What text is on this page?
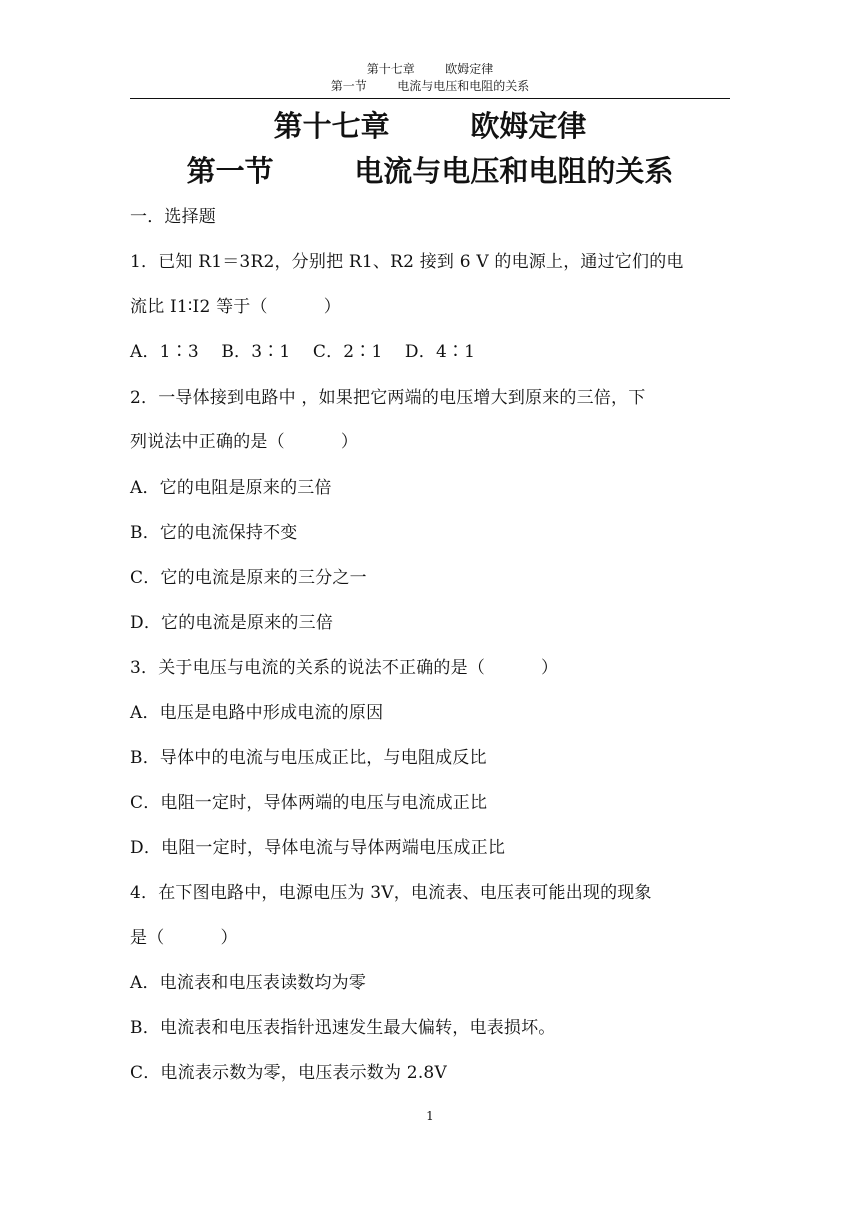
第十七章        欧姆定律
第一节        电流与电压和电阻的关系
第十七章        欧姆定律
第一节        电流与电压和电阻的关系
一．选择题
1．已知 R1＝3R2，分别把 R1、R2 接到 6 V 的电源上，通过它们的电
流比 I1∶I2 等于（          ）
A．1∶3    B．3∶1    C．2∶1    D．4∶1
2．一导体接到电路中 ，如果把它两端的电压增大到原来的三倍，下
列说法中正确的是（          ）
A．它的电阻是原来的三倍
B．它的电流保持不变
C．它的电流是原来的三分之一
D．它的电流是原来的三倍
3．关于电压与电流的关系的说法不正确的是（          ）
A．电压是电路中形成电流的原因
B．导体中的电流与电压成正比，与电阻成反比
C．电阻一定时，导体两端的电压与电流成正比
D．电阻一定时，导体电流与导体两端电压成正比
4．在下图电路中，电源电压为 3V，电流表、电压表可能出现的现象
是（          ）
A．电流表和电压表读数均为零
B．电流表和电压表指针迅速发生最大偏转，电表损坏。
C．电流表示数为零，电压表示数为 2.8V
1
